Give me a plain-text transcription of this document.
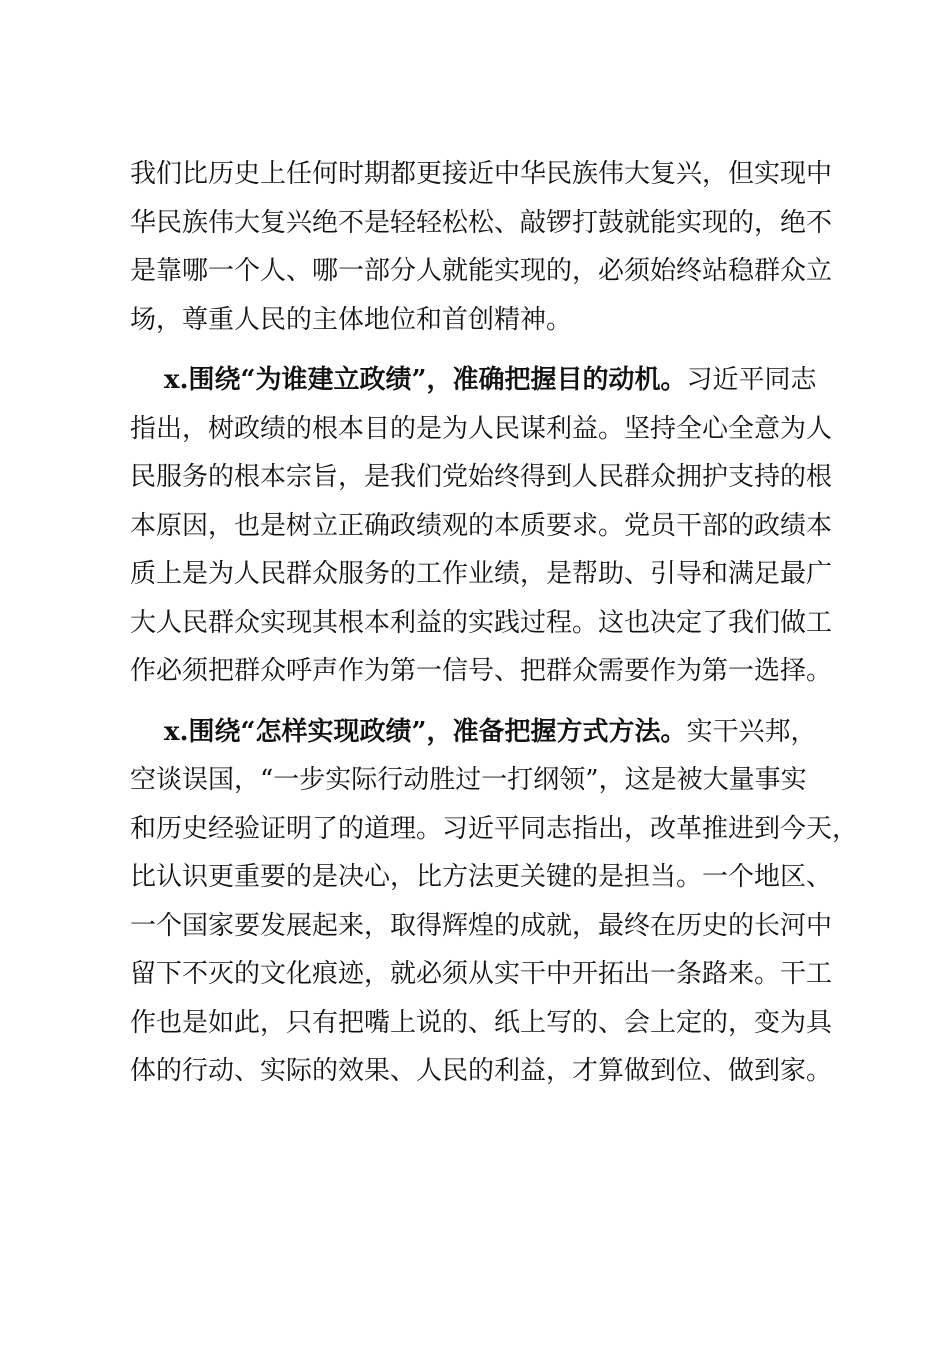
我们比历史上任何时期都更接近中华民族伟大复兴，但实现中
华民族伟大复兴绝不是轻轻松松、敲锣打鼓就能实现的，绝不
是靠哪一个人、哪一部分人就能实现的，必须始终站稳群众立
场，尊重人民的主体地位和首创精神。
x.围绕“为谁建立政绩”，准确把握目的动机。习近平同志
指出，树政绩的根本目的是为人民谋利益。坚持全心全意为人
民服务的根本宗旨，是我们党始终得到人民群众拥护支持的根
本原因，也是树立正确政绩观的本质要求。党员干部的政绩本
质上是为人民群众服务的工作业绩，是帮助、引导和满足最广
大人民群众实现其根本利益的实践过程。这也决定了我们做工
作必须把群众呼声作为第一信号、把群众需要作为第一选择。
x.围绕“怎样实现政绩”，准备把握方式方法。实干兴邦，
空谈误国，“一步实际行动胜过一打纲领”，这是被大量事实
和历史经验证明了的道理。习近平同志指出，改革推进到今天，
比认识更重要的是决心，比方法更关键的是担当。一个地区、
一个国家要发展起来，取得辉煌的成就，最终在历史的长河中
留下不灭的文化痕迹，就必须从实干中开拓出一条路来。干工
作也是如此，只有把嘴上说的、纸上写的、会上定的，变为具
体的行动、实际的效果、人民的利益，才算做到位、做到家。
